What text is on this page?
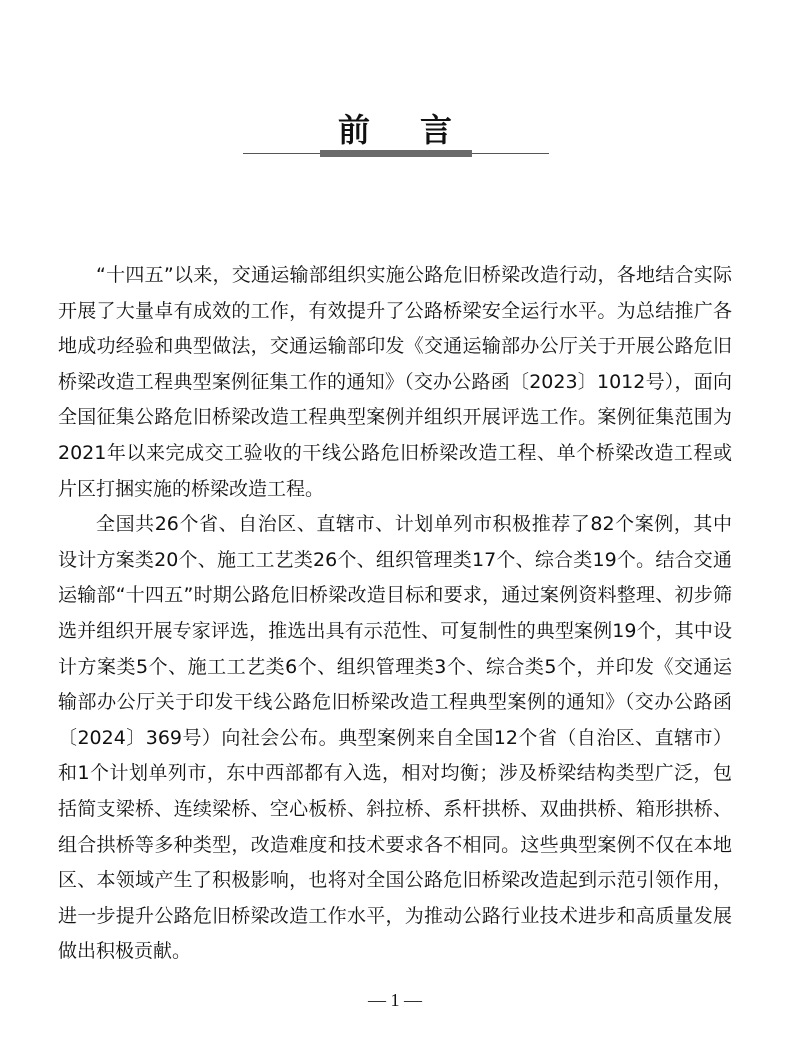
前言

“十四五”以来，交通运输部组织实施公路危旧桥梁改造行动，各地结合实际开展了大量卓有成效的工作，有效提升了公路桥梁安全运行水平。为总结推广各地成功经验和典型做法，交通运输部印发《交通运输部办公厅关于开展公路危旧桥梁改造工程典型案例征集工作的通知》（交办公路函〔2023〕1012号），面向全国征集公路危旧桥梁改造工程典型案例并组织开展评选工作。案例征集范围为2021年以来完成交工验收的干线公路危旧桥梁改造工程、单个桥梁改造工程或片区打捆实施的桥梁改造工程。

全国共26个省、自治区、直辖市、计划单列市积极推荐了82个案例，其中设计方案类20个、施工工艺类26个、组织管理类17个、综合类19个。结合交通运输部“十四五”时期公路危旧桥梁改造目标和要求，通过案例资料整理、初步筛选并组织开展专家评选，推选出具有示范性、可复制性的典型案例19个，其中设计方案类5个、施工工艺类6个、组织管理类3个、综合类5个，并印发《交通运输部办公厅关于印发干线公路危旧桥梁改造工程典型案例的通知》（交办公路函〔2024〕369号）向社会公布。典型案例来自全国12个省（自治区、直辖市）和1个计划单列市，东中西部都有入选，相对均衡；涉及桥梁结构类型广泛，包括简支梁桥、连续梁桥、空心板桥、斜拉桥、系杆拱桥、双曲拱桥、箱形拱桥、组合拱桥等多种类型，改造难度和技术要求各不相同。这些典型案例不仅在本地区、本领域产生了积极影响，也将对全国公路危旧桥梁改造起到示范引领作用，进一步提升公路危旧桥梁改造工作水平，为推动公路行业技术进步和高质量发展做出积极贡献。

— 1 —
